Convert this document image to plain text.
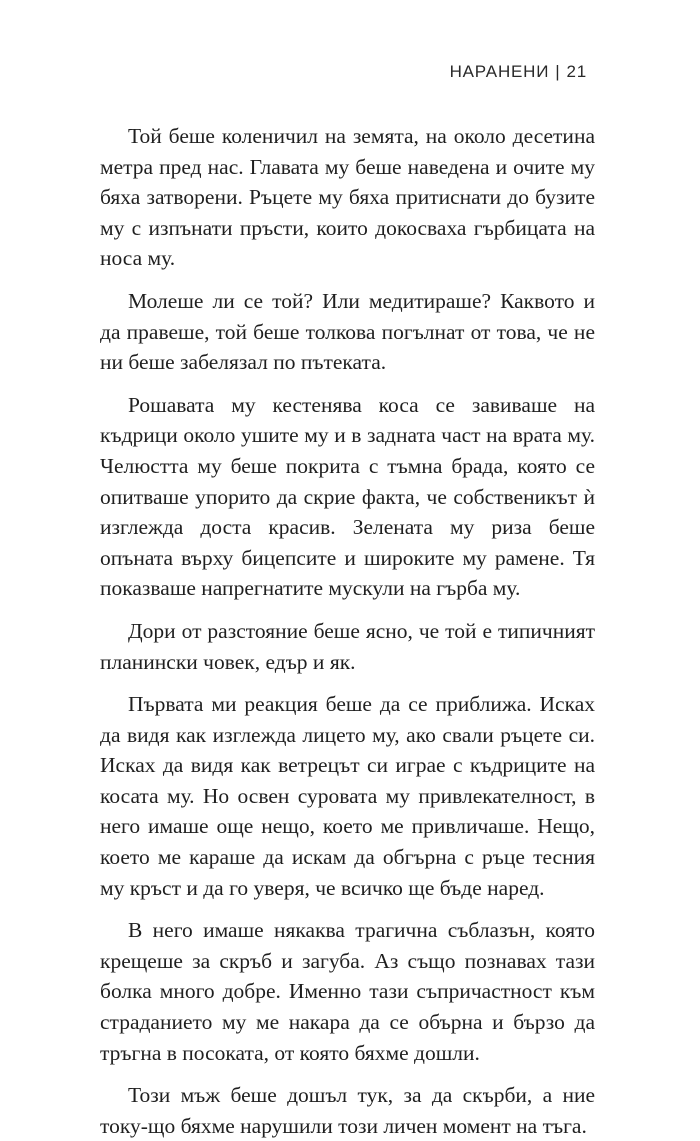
НАРАНЕНИ | 21

Той беше коленичил на земята, на около десетина метра пред нас. Главата му беше наведена и очите му бяха затворени. Ръцете му бяха притиснати до бузите му с изпънати пръсти, които докосваха гърбицата на носа му.

Молеше ли се той? Или медитираше? Каквото и да правеше, той беше толкова погълнат от това, че не ни беше забелязал по пътеката.

Рошавата му кестенява коса се завиваше на къдрици около ушите му и в задната част на врата му. Челюстта му беше покрита с тъмна брада, която се опитваше упорито да скрие факта, че собственикът ѝ изглежда доста красив. Зелената му риза беше опъната върху бицепсите и широките му рамене. Тя показваше напрегнатите мускули на гърба му.

Дори от разстояние беше ясно, че той е типичният планински човек, едър и як.

Първата ми реакция беше да се приближа. Исках да видя как изглежда лицето му, ако свали ръцете си. Исках да видя как ветрецът си играе с къдриците на косата му. Но освен суровата му привлекателност, в него имаше още нещо, което ме привличаше. Нещо, което ме караше да искам да обгърна с ръце тесния му кръст и да го уверя, че всичко ще бъде наред.

В него имаше някаква трагична съблазън, която крещеше за скръб и загуба. Аз също познавах тази болка много добре. Именно тази съпричастност към страданието му ме накара да се обърна и бързо да тръгна в посоката, от която бяхме дошли.

Този мъж беше дошъл тук, за да скърби, а ние току-що бяхме нарушили този личен момент на тъга.
